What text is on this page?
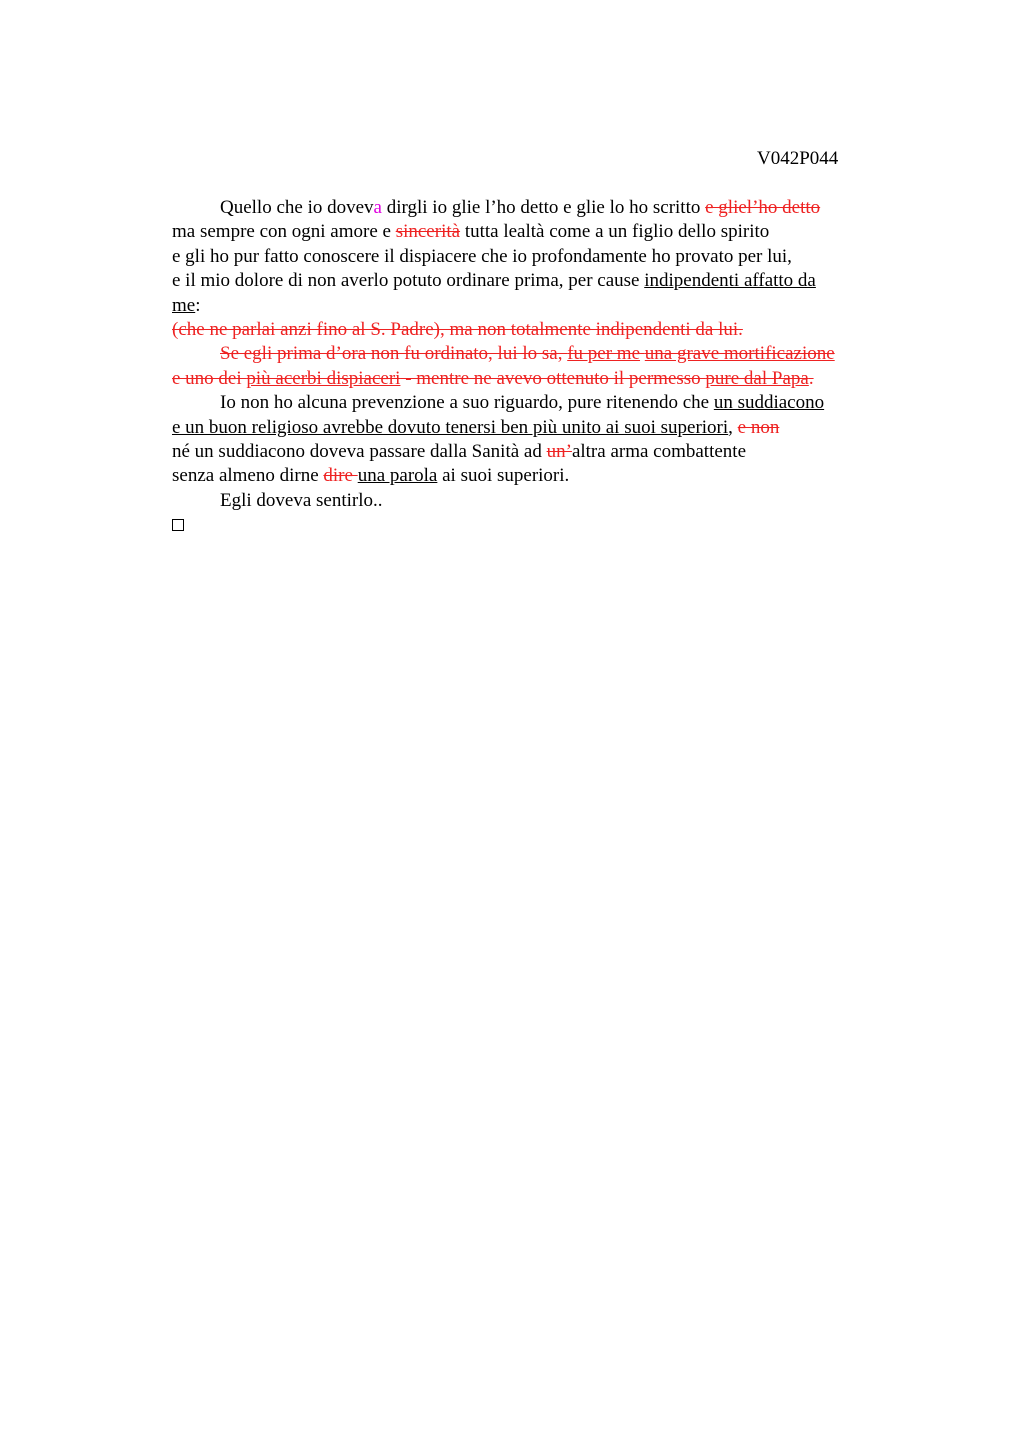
V042P044
Quello che io doveva dirgli io glie l’ho detto e glie lo ho scritto e gliel’ho detto
ma sempre con ogni amore e sincerità tutta lealtà come a un figlio dello spirito
e gli ho pur fatto conoscere il dispiacere che io profondamente ho provato per lui,
e il mio dolore di non averlo potuto ordinare prima, per cause indipendenti affatto da
me:
(che ne parlai anzi fino al S. Padre), ma non totalmente indipendenti da lui.
Se egli prima d’ora non fu ordinato, lui lo sa, fu per me una grave mortificazione
e uno dei più acerbi dispiaceri - mentre ne avevo ottenuto il permesso pure dal Papa.
Io non ho alcuna prevenzione a suo riguardo, pure ritenendo che un suddiacono
e un buon religioso avrebbe dovuto tenersi ben più unito ai suoi superiori, e non
né un suddiacono doveva passare dalla Sanità ad un’altra arma combattente
senza almeno dirne dire una parola ai suoi superiori.
Egli doveva sentirlo..
